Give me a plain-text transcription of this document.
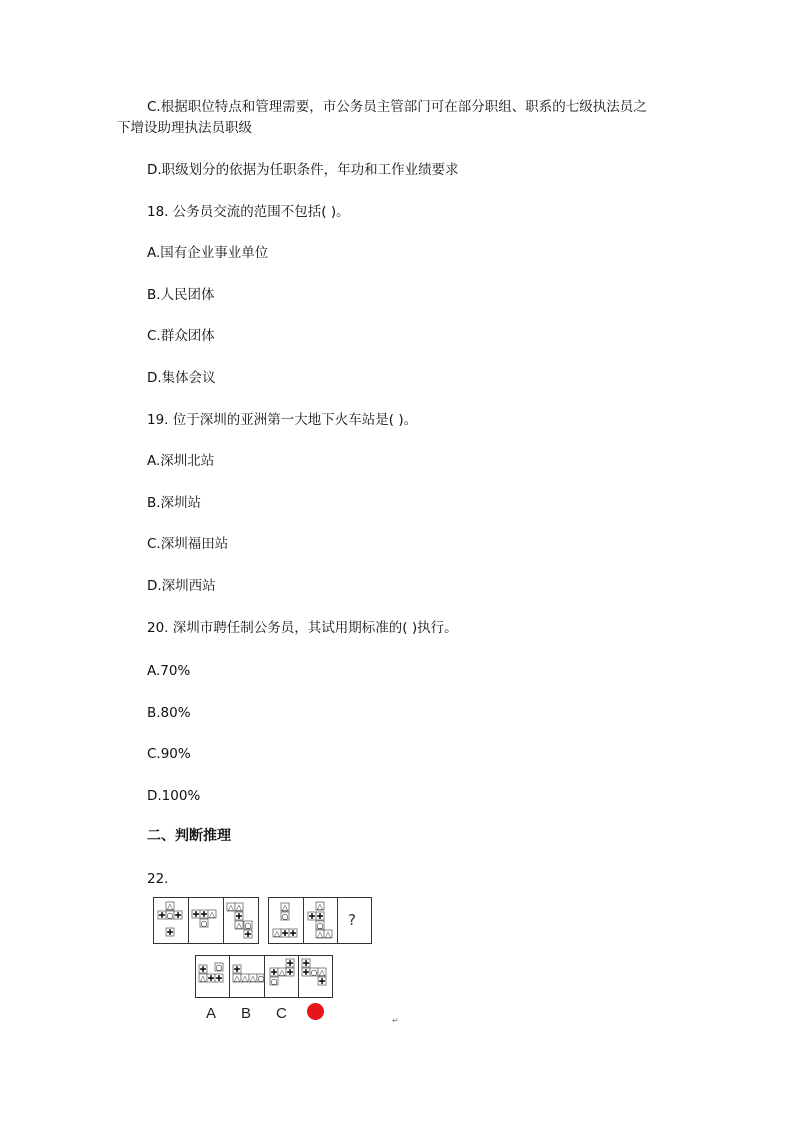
C.根据职位特点和管理需要，市公务员主管部门可在部分职组、职系的七级执法员之
下增设助理执法员职级
D.职级划分的依据为任职条件，年功和工作业绩要求
18. 公务员交流的范围不包括( )。
A.国有企业事业单位
B.人民团体
C.群众团体
D.集体会议
19. 位于深圳的亚洲第一大地下火车站是( )。
A.深圳北站
B.深圳站
C.深圳福田站
D.深圳西站
20. 深圳市聘任制公务员，其试用期标准的( )执行。
A.70%
B.80%
C.90%
D.100%
二、判断推理
22.
△
✚ ○ ✚
✚
✚ ✚ △
○
△ △
✚
△ ○
✚
△
○
△ ✚ ✚
△
✚ ✚
○
△ △
?
✚ ○
△ ✚ ✚
✚
△ △ △ ○
✚
✚ △ ✚
○
✚
✚ ○ △
✚
A B C	↵
